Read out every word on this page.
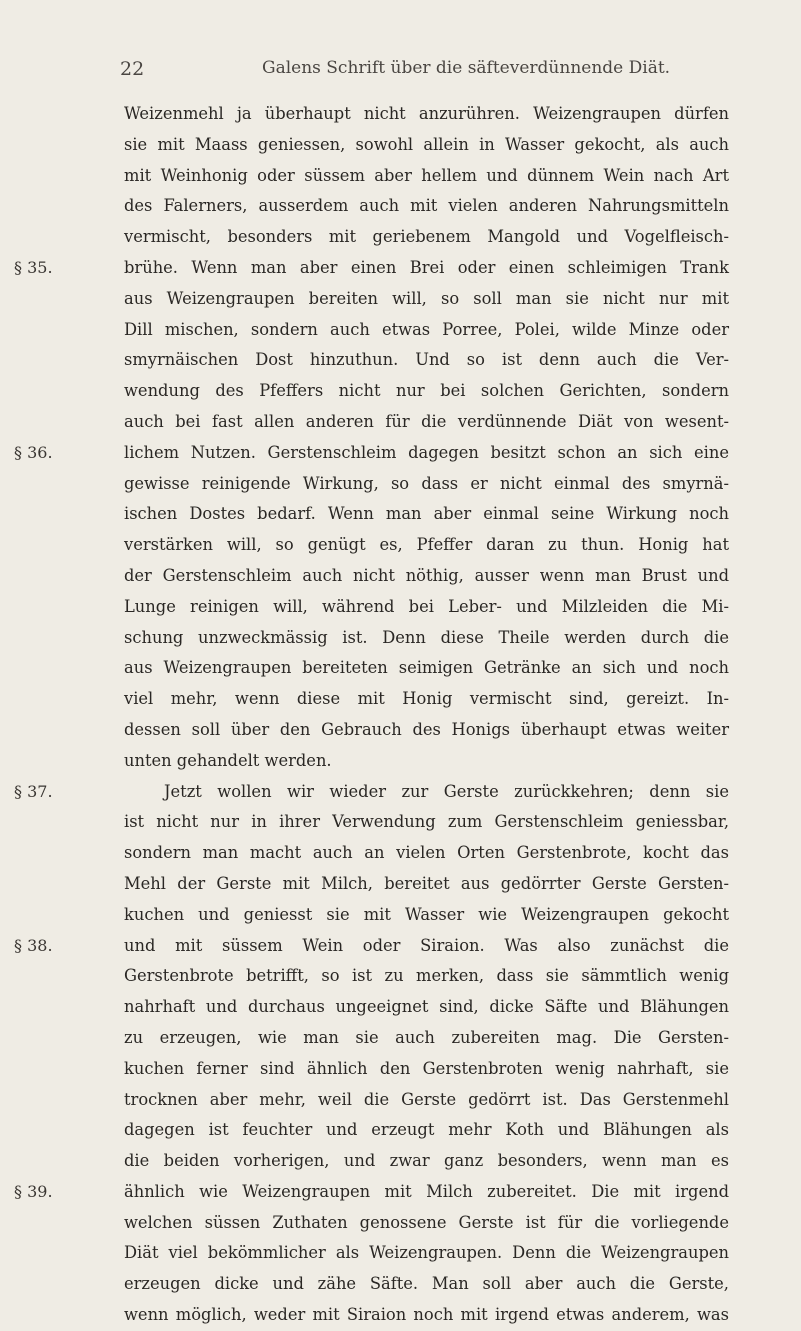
22	Galens Schrift über die säfteverdünnende Diät.
Weizenmehl ja überhaupt nicht anzurühren. Weizengraupen dürfen
sie mit Maass geniessen, sowohl allein in Wasser gekocht, als auch
mit Weinhonig oder süssem aber hellem und dünnem Wein nach Art
des Falerners, ausserdem auch mit vielen anderen Nahrungsmitteln
vermischt, besonders mit geriebenem Mangold und Vogelfleisch-
§ 35.	brühe. Wenn man aber einen Brei oder einen schleimigen Trank
aus Weizengraupen bereiten will, so soll man sie nicht nur mit
Dill mischen, sondern auch etwas Porree, Polei, wilde Minze oder
smyrnäischen Dost hinzuthun. Und so ist denn auch die Ver-
wendung des Pfeffers nicht nur bei solchen Gerichten, sondern
auch bei fast allen anderen für die verdünnende Diät von wesent-
§ 36.	lichem Nutzen. Gerstenschleim dagegen besitzt schon an sich eine
gewisse reinigende Wirkung, so dass er nicht einmal des smyrnä-
ischen Dostes bedarf. Wenn man aber einmal seine Wirkung noch
verstärken will, so genügt es, Pfeffer daran zu thun. Honig hat
der Gerstenschleim auch nicht nöthig, ausser wenn man Brust und
Lunge reinigen will, während bei Leber- und Milzleiden die Mi-
schung unzweckmässig ist. Denn diese Theile werden durch die
aus Weizengraupen bereiteten seimigen Getränke an sich und noch
viel mehr, wenn diese mit Honig vermischt sind, gereizt. In-
dessen soll über den Gebrauch des Honigs überhaupt etwas weiter
unten gehandelt werden.
§ 37.	Jetzt wollen wir wieder zur Gerste zurückkehren; denn sie
ist nicht nur in ihrer Verwendung zum Gerstenschleim geniessbar,
sondern man macht auch an vielen Orten Gerstenbrote, kocht das
Mehl der Gerste mit Milch, bereitet aus gedörrter Gerste Gersten-
kuchen und geniesst sie mit Wasser wie Weizengraupen gekocht
§ 38.	und mit süssem Wein oder Siraion. Was also zunächst die
Gerstenbrote betrifft, so ist zu merken, dass sie sämmtlich wenig
nahrhaft und durchaus ungeeignet sind, dicke Säfte und Blähungen
zu erzeugen, wie man sie auch zubereiten mag. Die Gersten-
kuchen ferner sind ähnlich den Gerstenbroten wenig nahrhaft, sie
trocknen aber mehr, weil die Gerste gedörrt ist. Das Gerstenmehl
dagegen ist feuchter und erzeugt mehr Koth und Blähungen als
die beiden vorherigen, und zwar ganz besonders, wenn man es
§ 39.	ähnlich wie Weizengraupen mit Milch zubereitet. Die mit irgend
welchen süssen Zuthaten genossene Gerste ist für die vorliegende
Diät viel bekömmlicher als Weizengraupen. Denn die Weizengraupen
erzeugen dicke und zähe Säfte. Man soll aber auch die Gerste,
wenn möglich, weder mit Siraion noch mit irgend etwas anderem, was
